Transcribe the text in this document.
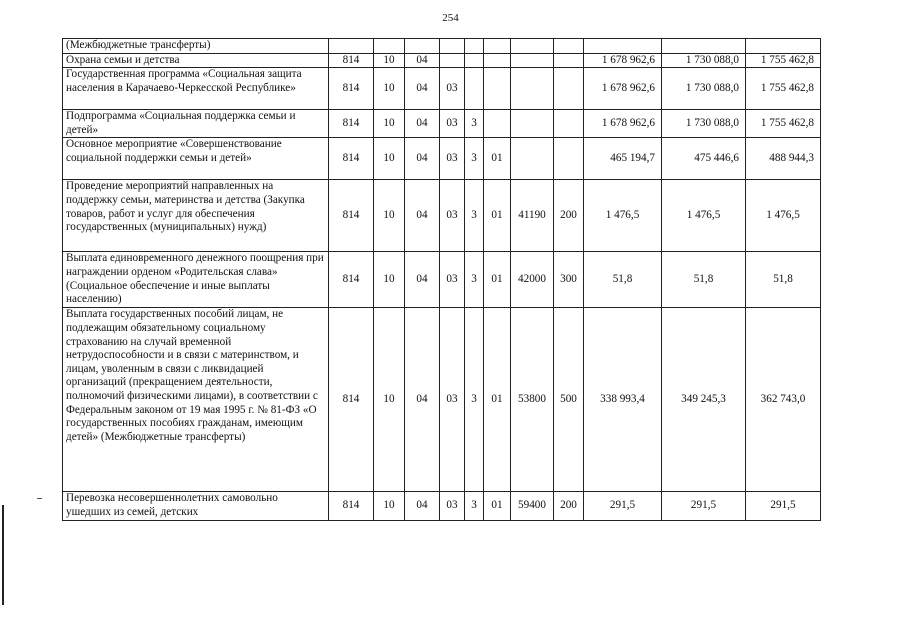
254
(Межбюджетные трансферты)											
Охрана семьи и детства	814	10	04						1 678 962,6	1 730 088,0	1 755 462,8
Государственная программа «Социальная защита населения в Карачаево-Черкесской Республике»	814	10	04	03					1 678 962,6	1 730 088,0	1 755 462,8
Подпрограмма «Социальная поддержка семьи и детей»	814	10	04	03	3				1 678 962,6	1 730 088,0	1 755 462,8
Основное мероприятие «Совершенствование социальной поддержки семьи и детей»	814	10	04	03	3	01			465 194,7	475 446,6	488 944,3
Проведение мероприятий направленных на поддержку семьи, материнства и детства (Закупка товаров, работ и услуг для обеспечения государственных (муниципальных) нужд)	814	10	04	03	3	01	41190	200	1 476,5	1 476,5	1 476,5
Выплата единовременного денежного поощрения при награждении орденом «Родительская слава» (Социальное обеспечение и иные выплаты населению)	814	10	04	03	3	01	42000	300	51,8	51,8	51,8
Выплата государственных пособий лицам, не подлежащим обязательному социальному страхованию на случай временной нетрудоспособности и в связи с материнством, и лицам, уволенным в связи с ликвидацией организаций (прекращением деятельности, полномочий физическими лицами), в соответствии с Федеральным законом от 19 мая 1995 г. № 81-ФЗ «О государственных пособиях гражданам, имеющим детей» (Межбюджетные трансферты)	814	10	04	03	3	01	53800	500	338 993,4	349 245,3	362 743,0
Перевозка несовершеннолетних самовольно ушедших из семей, детских	814	10	04	03	3	01	59400	200	291,5	291,5	291,5
